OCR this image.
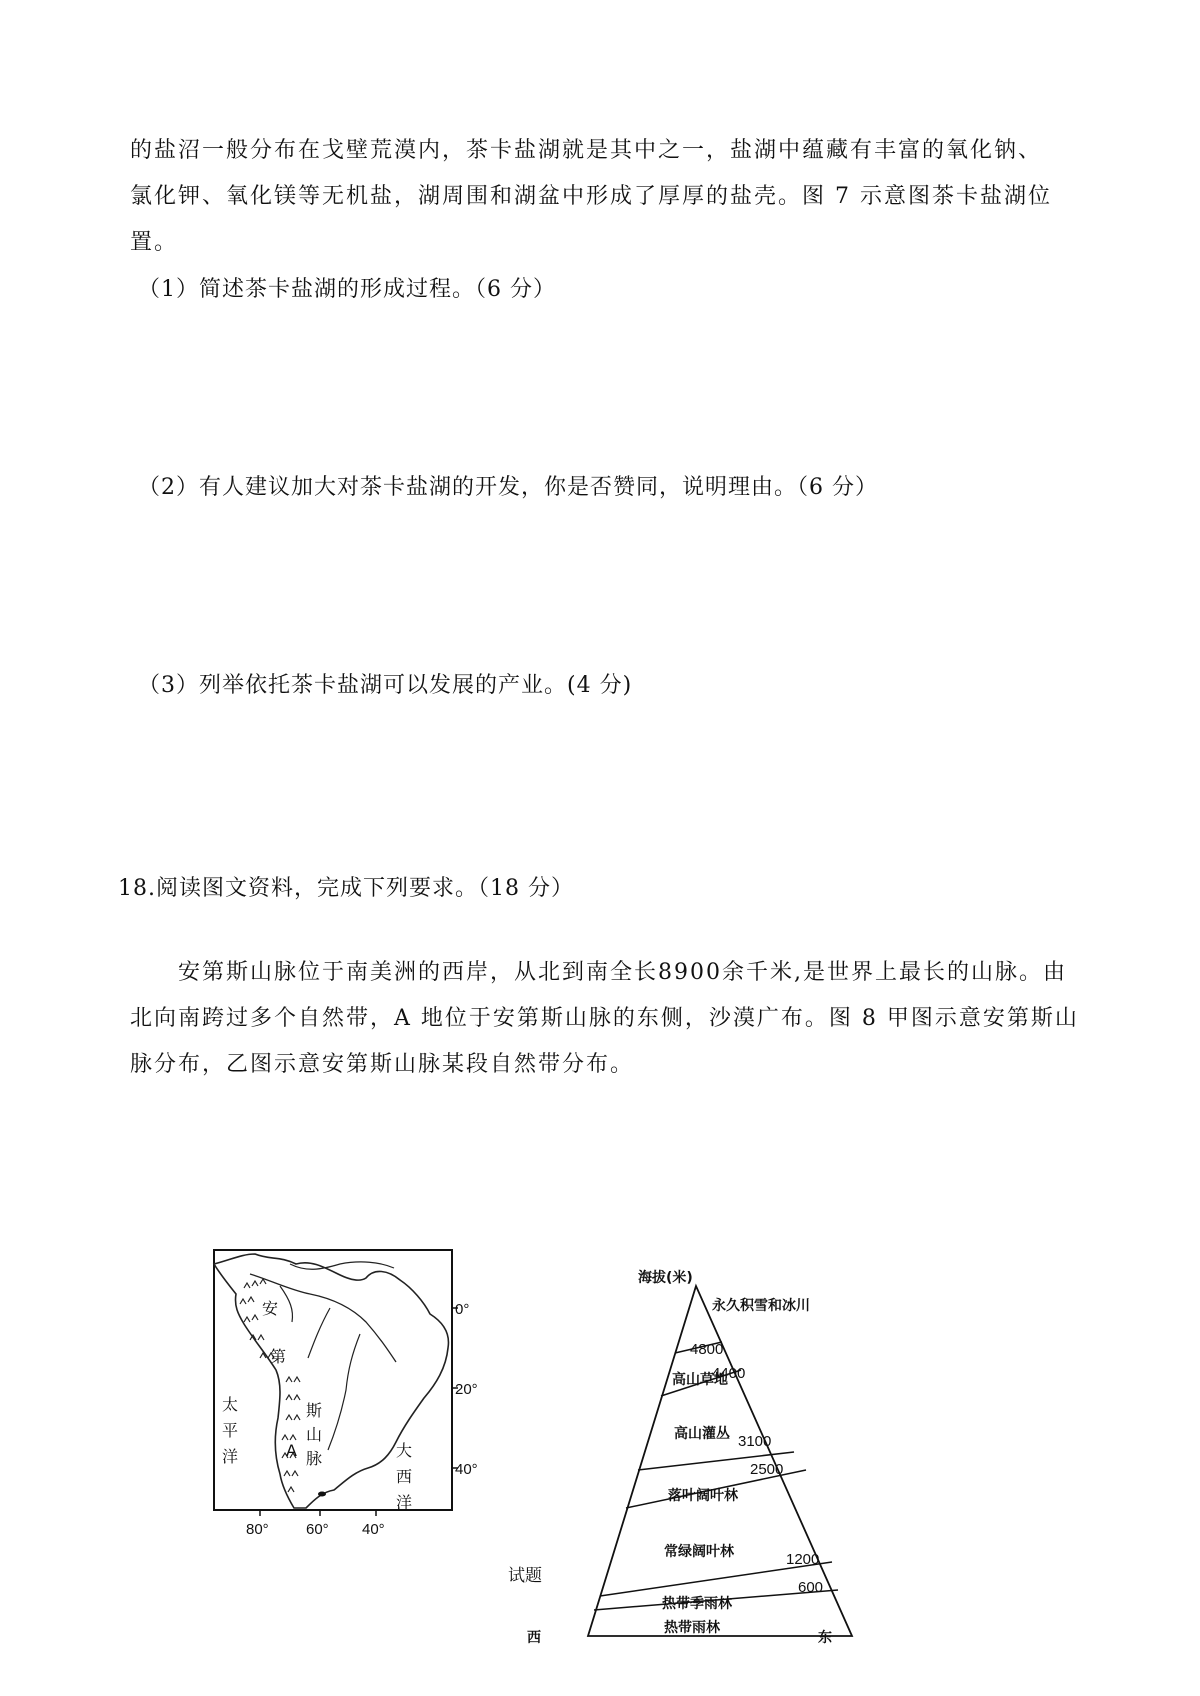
的盐沼一般分布在戈壁荒漠内，茶卡盐湖就是其中之一，盐湖中蕴藏有丰富的氧化钠、

氯化钾、氧化镁等无机盐，湖周围和湖盆中形成了厚厚的盐壳。图 7 示意图茶卡盐湖位

置。

（1）简述茶卡盐湖的形成过程。（6 分）

（2）有人建议加大对茶卡盐湖的开发，你是否赞同，说明理由。（6 分）

（3）列举依托茶卡盐湖可以发展的产业。(4 分)

18.阅读图文资料，完成下列要求。（18 分）

安第斯山脉位于南美洲的西岸，从北到南全长8900余千米,是世界上最长的山脉。由

北向南跨过多个自然带，A 地位于安第斯山脉的东侧，沙漠广布。图 8 甲图示意安第斯山

脉分布，乙图示意安第斯山脉某段自然带分布。

安
第
斯
山
脉
太
平
洋	大
西
洋
A
0°
20°
40°
80° 60° 40°
试题
海拔(米)
永久积雪和冰川
高山草地
高山灌丛
落叶阔叶林
常绿阔叶林
热带季雨林
热带雨林
4800
4400
3100
2500
1200
600
西	东
